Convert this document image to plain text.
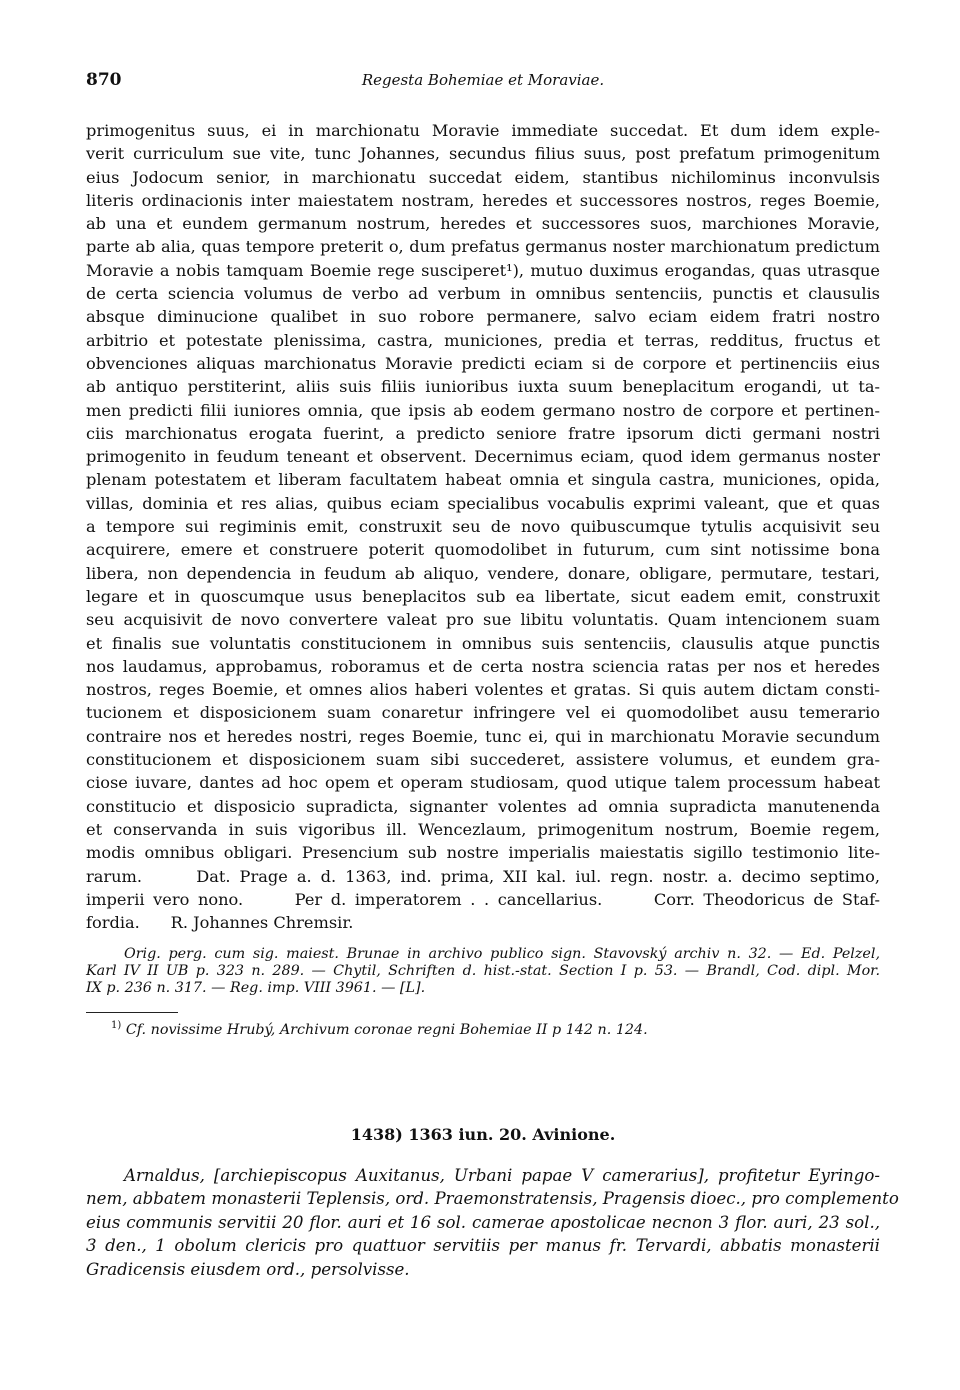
870	Regesta Bohemiae et Moraviae.
primogenitus suus, ei in marchionatu Moravie immediate succedat. Et dum idem exple-
verit curriculum sue vite, tunc Johannes, secundus filius suus, post prefatum primogenitum
eius Jodocum senior, in marchionatu succedat eidem, stantibus nichilominus inconvulsis
literis ordinacionis inter maiestatem nostram, heredes et successores nostros, reges Boemie,
ab una et eundem germanum nostrum, heredes et successores suos, marchiones Moravie,
parte ab alia, quas tempore preterit o, dum prefatus germanus noster marchionatum predictum
Moravie a nobis tamquam Boemie rege susciperet¹), mutuo duximus erogandas, quas utrasque
de certa sciencia volumus de verbo ad verbum in omnibus sentenciis, punctis et clausulis
absque diminucione qualibet in suo robore permanere, salvo eciam eidem fratri nostro
arbitrio et potestate plenissima, castra, municiones, predia et terras, redditus, fructus et
obvenciones aliquas marchionatus Moravie predicti eciam si de corpore et pertinenciis eius
ab antiquo perstiterint, aliis suis filiis iunioribus iuxta suum beneplacitum erogandi, ut ta-
men predicti filii iuniores omnia, que ipsis ab eodem germano nostro de corpore et pertinen-
ciis marchionatus erogata fuerint, a predicto seniore fratre ipsorum dicti germani nostri
primogenito in feudum teneant et observent. Decernimus eciam, quod idem germanus noster
plenam potestatem et liberam facultatem habeat omnia et singula castra, municiones, opida,
villas, dominia et res alias, quibus eciam specialibus vocabulis exprimi valeant, que et quas
a tempore sui regiminis emit, construxit seu de novo quibuscumque tytulis acquisivit seu
acquirere, emere et construere poterit quomodolibet in futurum, cum sint notissime bona
libera, non dependencia in feudum ab aliquo, vendere, donare, obligare, permutare, testari,
legare et in quoscumque usus beneplacitos sub ea libertate, sicut eadem emit, construxit
seu acquisivit de novo convertere valeat pro sue libitu voluntatis. Quam intencionem suam
et finalis sue voluntatis constitucionem in omnibus suis sentenciis, clausulis atque punctis
nos laudamus, approbamus, roboramus et de certa nostra sciencia ratas per nos et heredes
nostros, reges Boemie, et omnes alios haberi volentes et gratas. Si quis autem dictam consti-
tucionem et disposicionem suam conaretur infringere vel ei quomodolibet ausu temerario
contraire nos et heredes nostri, reges Boemie, tunc ei, qui in marchionatu Moravie secundum
constitucionem et disposicionem suam sibi succederet, assistere volumus, et eundem gra-
ciose iuvare, dantes ad hoc opem et operam studiosam, quod utique talem processum habeat
constitucio et disposicio supradicta, signanter volentes ad omnia supradicta manutenenda
et conservanda in suis vigoribus ill. Wencezlaum, primogenitum nostrum, Boemie regem,
modis omnibus obligari. Presencium sub nostre imperialis maiestatis sigillo testimonio lite-
rarum.      Dat. Prage a. d. 1363, ind. prima, XII kal. iul. regn. nostr. a. decimo septimo,
imperii vero nono.      Per d. imperatorem . . cancellarius.      Corr. Theodoricus de Staf-
fordia.      R. Johannes Chremsir.
Orig. perg. cum sig. maiest. Brunae in archivo publico sign. Stavovský archiv n. 32. — Ed. Pelzel,
Karl IV II UB p. 323 n. 289. — Chytil, Schriften d. hist.-stat. Section I p. 53. — Brandl, Cod. dipl. Mor.
IX p. 236 n. 317. — Reg. imp. VIII 3961. — [L].
$^{1)}$ Cf. novissime Hrubý, Archivum coronae regni Bohemiae II p 142 n. 124.
1438) 1363 iun. 20. Avinione.
Arnaldus, [archiepiscopus Auxitanus, Urbani papae V camerarius], profitetur Eyringo-
nem, abbatem monasterii Teplensis, ord. Praemonstratensis, Pragensis dioec., pro complemento
eius communis servitii 20 flor. auri et 16 sol. camerae apostolicae necnon 3 flor. auri, 23 sol.,
3 den., 1 obolum clericis pro quattuor servitiis per manus fr. Tervardi, abbatis monasterii
Gradicensis eiusdem ord., persolvisse.
